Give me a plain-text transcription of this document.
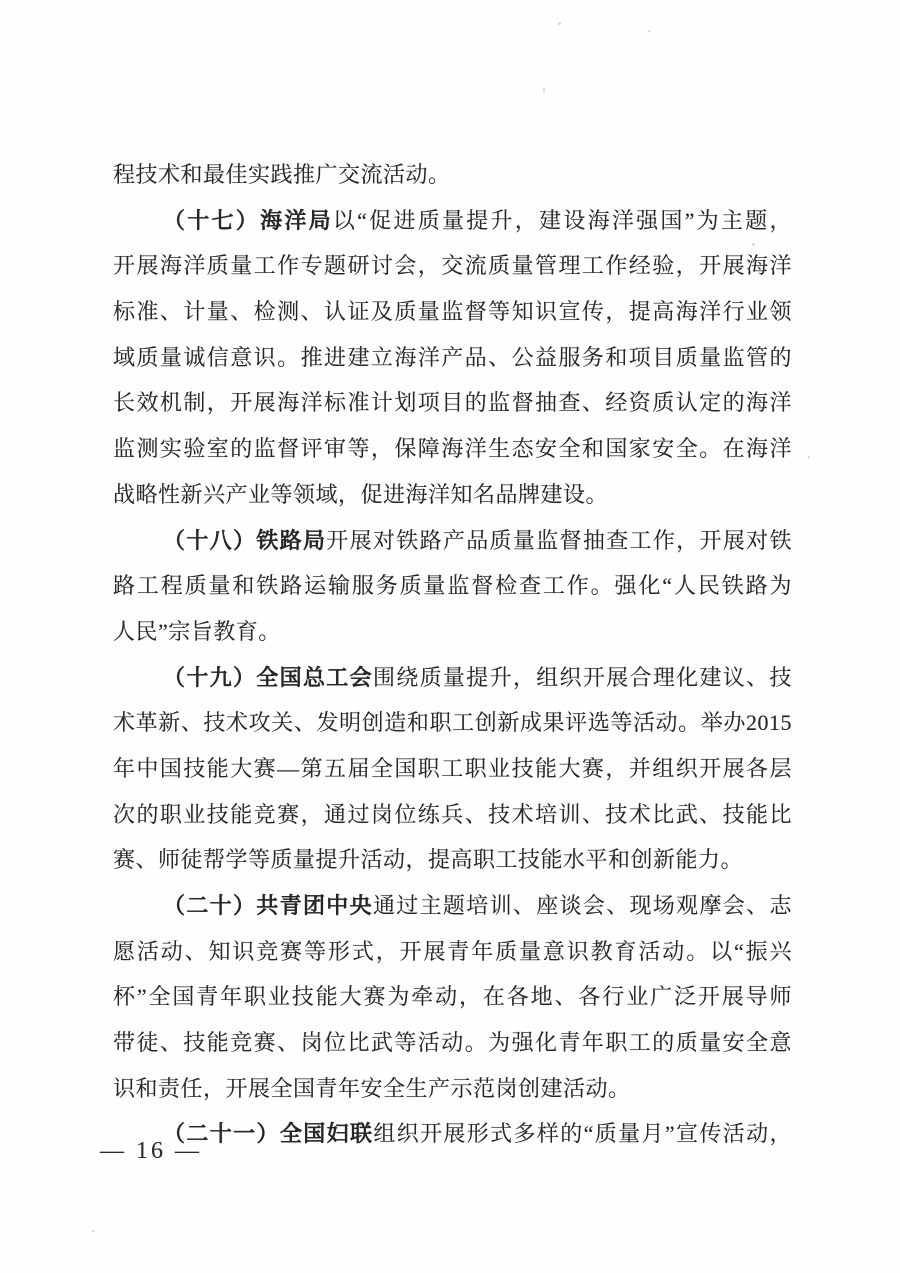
程技术和最佳实践推广交流活动。
（十七）海洋局以“促进质量提升，建设海洋强国”为主题，
开展海洋质量工作专题研讨会，交流质量管理工作经验，开展海洋
标准、计量、检测、认证及质量监督等知识宣传，提高海洋行业领
域质量诚信意识。推进建立海洋产品、公益服务和项目质量监管的
长效机制，开展海洋标准计划项目的监督抽查、经资质认定的海洋
监测实验室的监督评审等，保障海洋生态安全和国家安全。在海洋
战略性新兴产业等领域，促进海洋知名品牌建设。
（十八）铁路局开展对铁路产品质量监督抽查工作，开展对铁
路工程质量和铁路运输服务质量监督检查工作。强化“人民铁路为
人民”宗旨教育。
（十九）全国总工会围绕质量提升，组织开展合理化建议、技
术革新、技术攻关、发明创造和职工创新成果评选等活动。举办2015
年中国技能大赛—第五届全国职工职业技能大赛，并组织开展各层
次的职业技能竞赛，通过岗位练兵、技术培训、技术比武、技能比
赛、师徒帮学等质量提升活动，提高职工技能水平和创新能力。
（二十）共青团中央通过主题培训、座谈会、现场观摩会、志
愿活动、知识竞赛等形式，开展青年质量意识教育活动。以“振兴
杯”全国青年职业技能大赛为牵动，在各地、各行业广泛开展导师
带徒、技能竞赛、岗位比武等活动。为强化青年职工的质量安全意
识和责任，开展全国青年安全生产示范岗创建活动。
（二十一）全国妇联组织开展形式多样的“质量月”宣传活动，
— 16 —
